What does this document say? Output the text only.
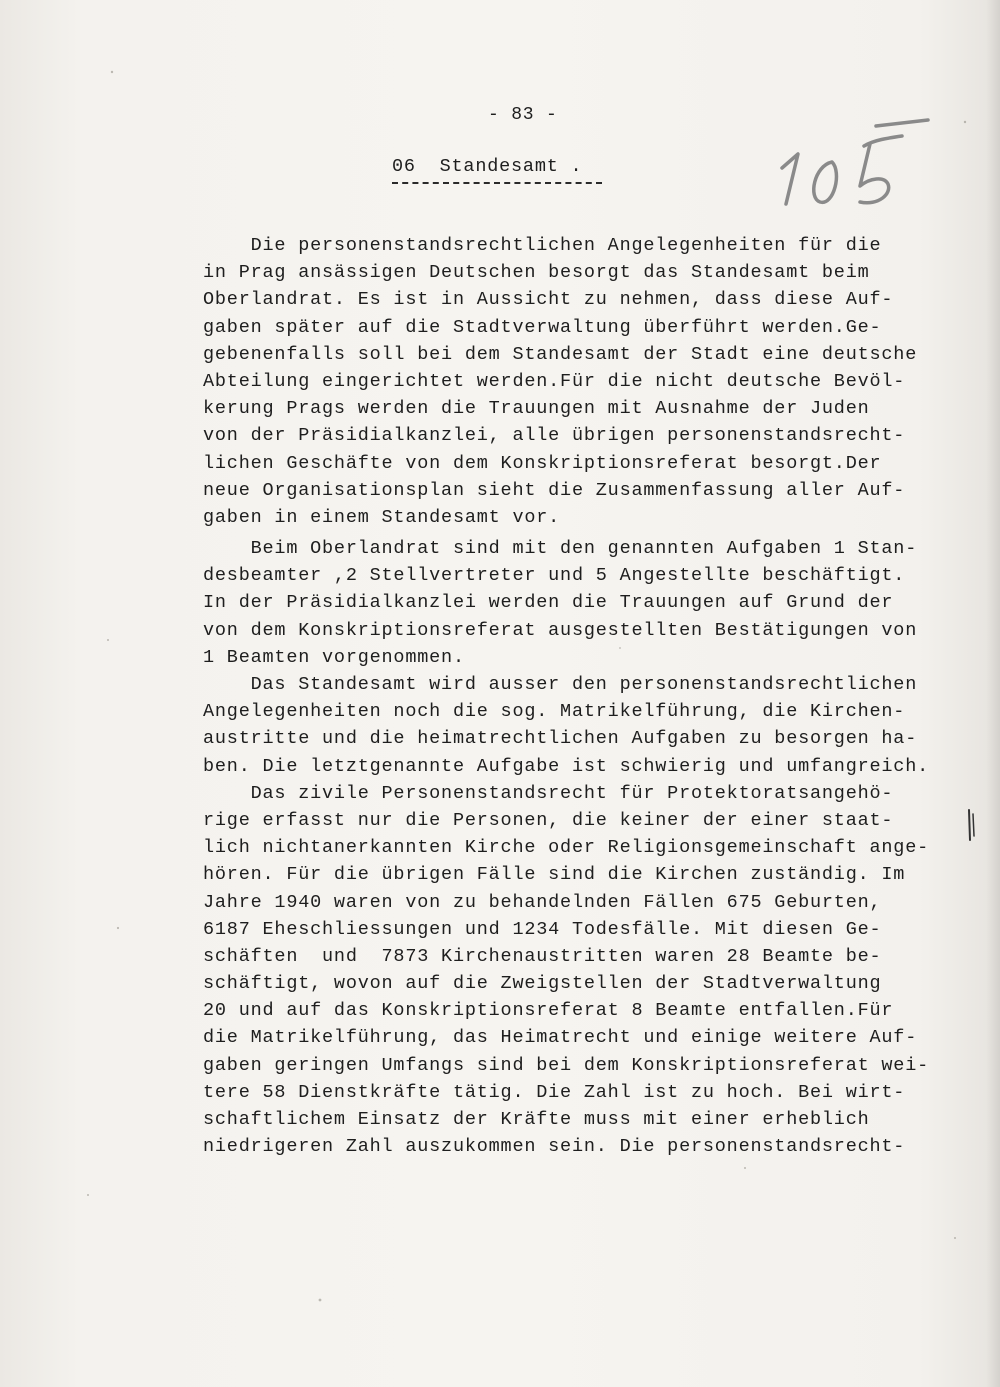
- 83 -
06  Standesamt .
Die personenstandsrechtlichen Angelegenheiten für die
in Prag ansässigen Deutschen besorgt das Standesamt beim
Oberlandrat. Es ist in Aussicht zu nehmen, dass diese Auf-
gaben später auf die Stadtverwaltung überführt werden.Ge-
gebenenfalls soll bei dem Standesamt der Stadt eine deutsche
Abteilung eingerichtet werden.Für die nicht deutsche Bevöl-
kerung Prags werden die Trauungen mit Ausnahme der Juden
von der Präsidialkanzlei, alle übrigen personenstandsrecht-
lichen Geschäfte von dem Konskriptionsreferat besorgt.Der
neue Organisationsplan sieht die Zusammenfassung aller Auf-
gaben in einem Standesamt vor.
Beim Oberlandrat sind mit den genannten Aufgaben 1 Stan-
desbeamter ,2 Stellvertreter und 5 Angestellte beschäftigt.
In der Präsidialkanzlei werden die Trauungen auf Grund der
von dem Konskriptionsreferat ausgestellten Bestätigungen von
1 Beamten vorgenommen.
Das Standesamt wird ausser den personenstandsrechtlichen
Angelegenheiten noch die sog. Matrikelführung, die Kirchen-
austritte und die heimatrechtlichen Aufgaben zu besorgen ha-
ben. Die letztgenannte Aufgabe ist schwierig und umfangreich.
Das zivile Personenstandsrecht für Protektoratsangehö-
rige erfasst nur die Personen, die keiner der einer staat-
lich nichtanerkannten Kirche oder Religionsgemeinschaft ange-
hören. Für die übrigen Fälle sind die Kirchen zuständig. Im
Jahre 1940 waren von zu behandelnden Fällen 675 Geburten,
6187 Eheschliessungen und 1234 Todesfälle. Mit diesen Ge-
schäften  und  7873 Kirchenaustritten waren 28 Beamte be-
schäftigt, wovon auf die Zweigstellen der Stadtverwaltung
20 und auf das Konskriptionsreferat 8 Beamte entfallen.Für
die Matrikelführung, das Heimatrecht und einige weitere Auf-
gaben geringen Umfangs sind bei dem Konskriptionsreferat wei-
tere 58 Dienstkräfte tätig. Die Zahl ist zu hoch. Bei wirt-
schaftlichem Einsatz der Kräfte muss mit einer erheblich
niedrigeren Zahl auszukommen sein. Die personenstandsrecht-
